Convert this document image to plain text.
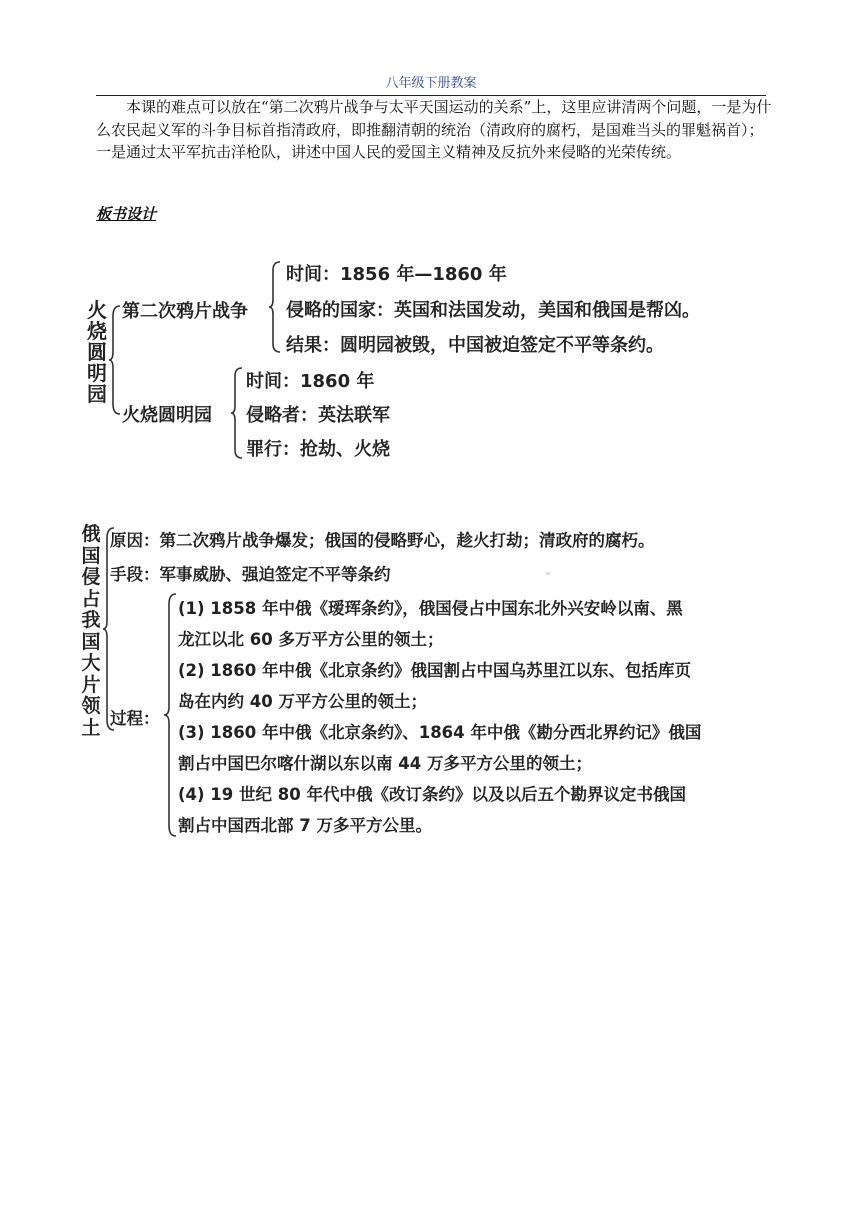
八年级下册教案

本课的难点可以放在“第二次鸦片战争与太平天国运动的关系”上，这里应讲清两个问题，一是为什么农民起义军的斗争目标首指清政府，即推翻清朝的统治（清政府的腐朽，是国难当头的罪魁祸首）；一是通过太平军抗击洋枪队，讲述中国人民的爱国主义精神及反抗外来侵略的光荣传统。

板书设计
火
烧
圆
明
园
第二次鸦片战争
时间：1856 年—1860 年
侵略的国家：英国和法国发动，美国和俄国是帮凶。
结果：圆明园被毁，中国被迫签定不平等条约。
火烧圆明园
时间：1860 年
侵略者：英法联军
罪行：抢劫、火烧
俄
国
侵
占
我
国
大
片
领
土
原因：第二次鸦片战争爆发；俄国的侵略野心，趁火打劫；清政府的腐朽。
手段：军事威胁、强迫签定不平等条约
过程：
(1) 1858 年中俄《瑷珲条约》，俄国侵占中国东北外兴安岭以南、黑
龙江以北 60 多万平方公里的领土；
(2) 1860 年中俄《北京条约》俄国割占中国乌苏里江以东、包括库页
岛在内约 40 万平方公里的领土；
(3) 1860 年中俄《北京条约》、1864 年中俄《勘分西北界约记》俄国
割占中国巴尔喀什湖以东以南 44 万多平方公里的领土；
(4) 19 世纪 80 年代中俄《改订条约》以及以后五个勘界议定书俄国
割占中国西北部 7 万多平方公里。
